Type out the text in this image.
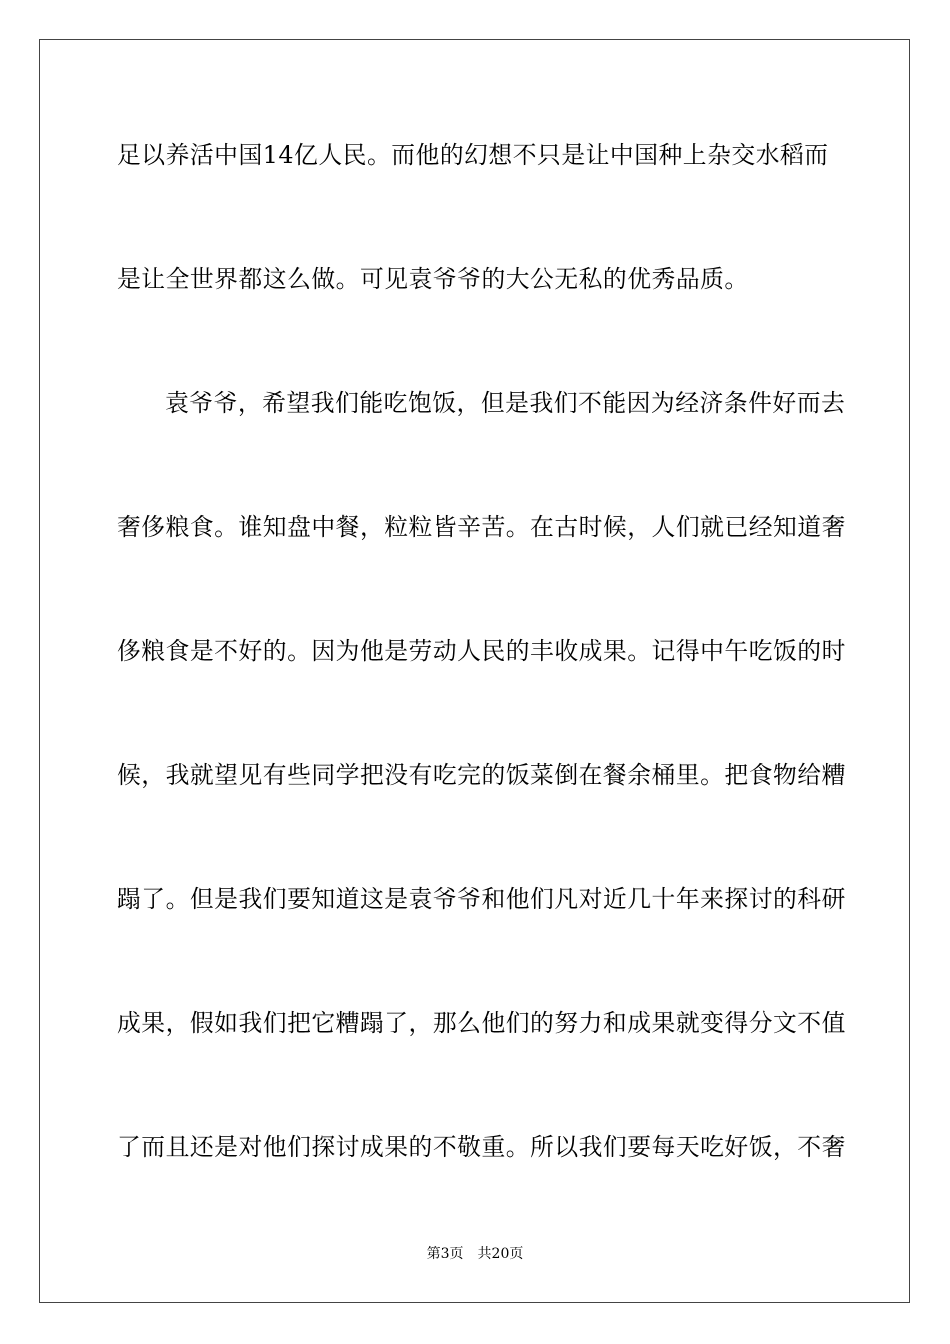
足以养活中国14亿人民。而他的幻想不只是让中国种上杂交水稻而
是让全世界都这么做。可见袁爷爷的大公无私的优秀品质。
袁爷爷，希望我们能吃饱饭，但是我们不能因为经济条件好而去
奢侈粮食。谁知盘中餐，粒粒皆辛苦。在古时候，人们就已经知道奢
侈粮食是不好的。因为他是劳动人民的丰收成果。记得中午吃饭的时
候，我就望见有些同学把没有吃完的饭菜倒在餐余桶里。把食物给糟
蹋了。但是我们要知道这是袁爷爷和他们凡对近几十年来探讨的科研
成果，假如我们把它糟蹋了，那么他们的努力和成果就变得分文不值
了而且还是对他们探讨成果的不敬重。所以我们要每天吃好饭，不奢
第3页 共20页
